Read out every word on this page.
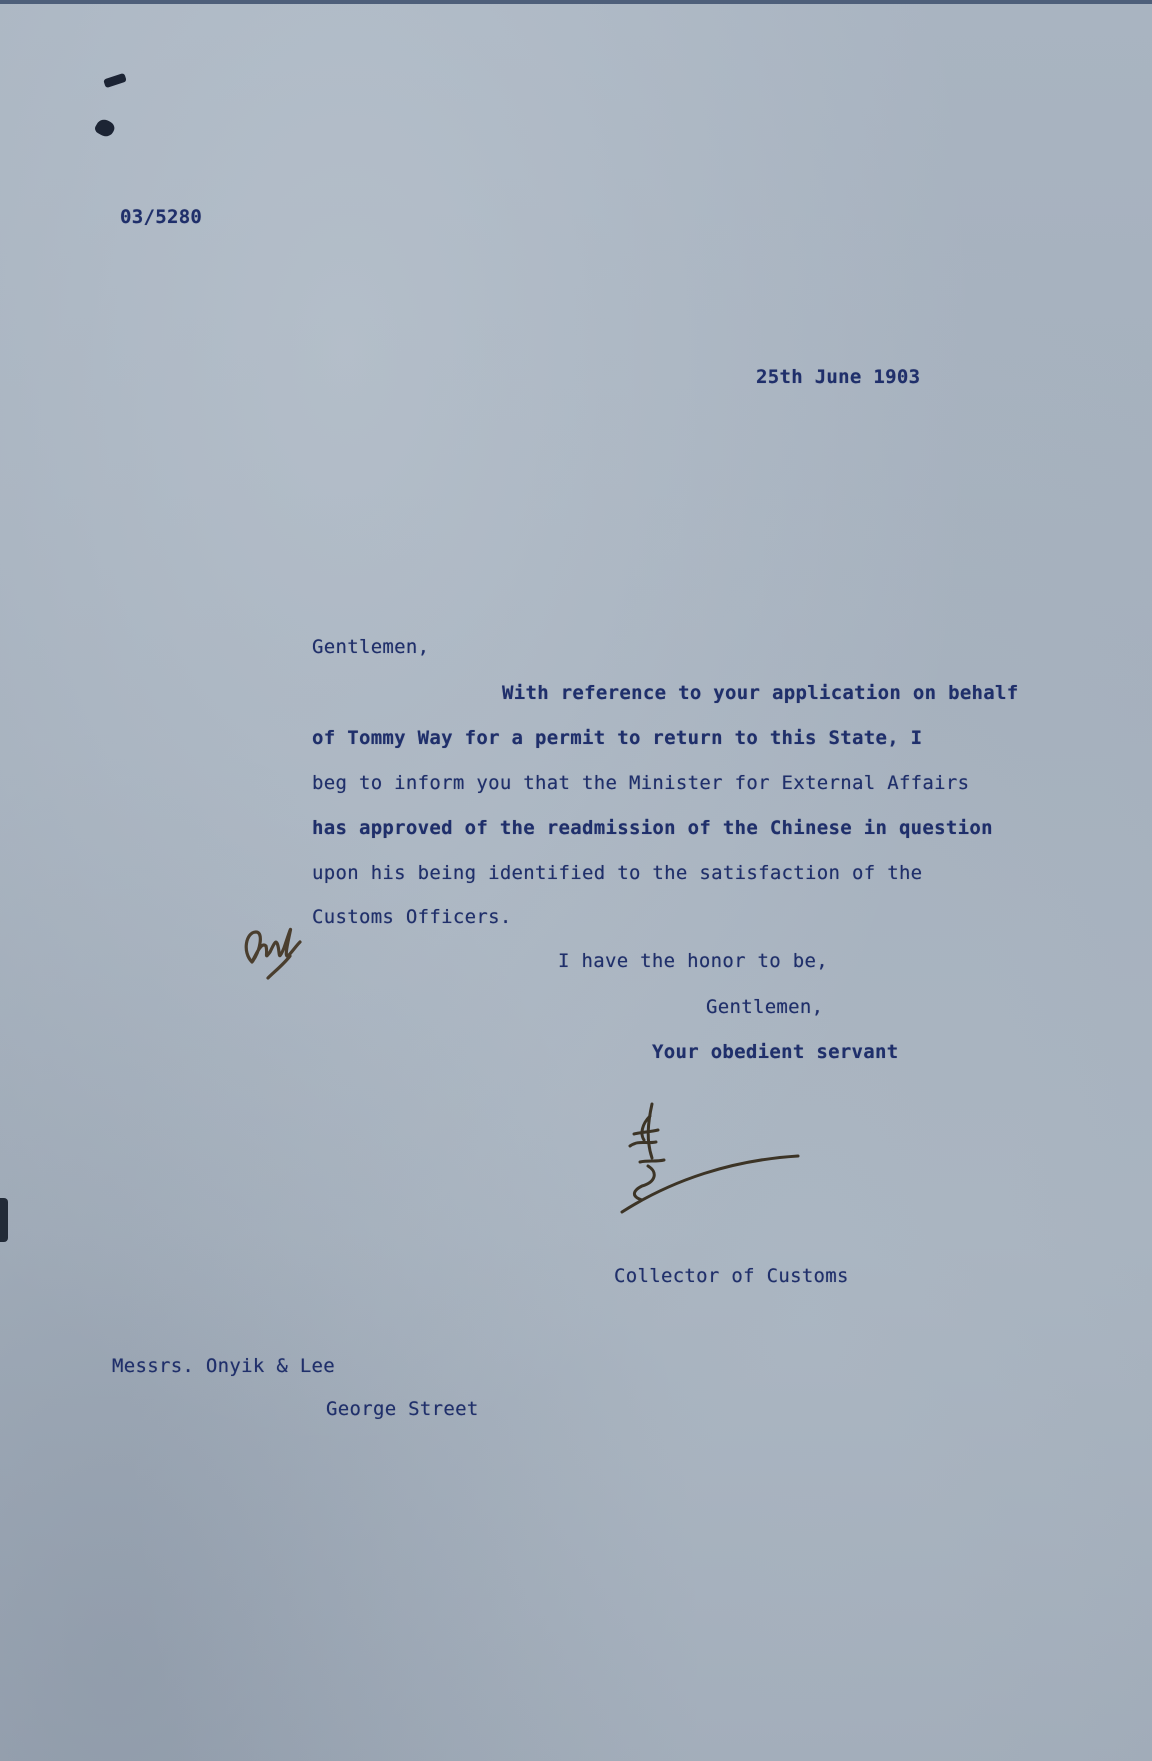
03/5280

25th June 1903

Gentlemen,

With reference to your application on behalf

of Tommy Way for a permit to return to this State, I

beg to inform you that the Minister for External Affairs

has approved of the readmission of the Chinese in question

upon his being identified to the satisfaction of the

Customs Officers.

I have the honor to be,

Gentlemen,

Your obedient servant

Collector of Customs

Messrs. Onyik & Lee

George Street
